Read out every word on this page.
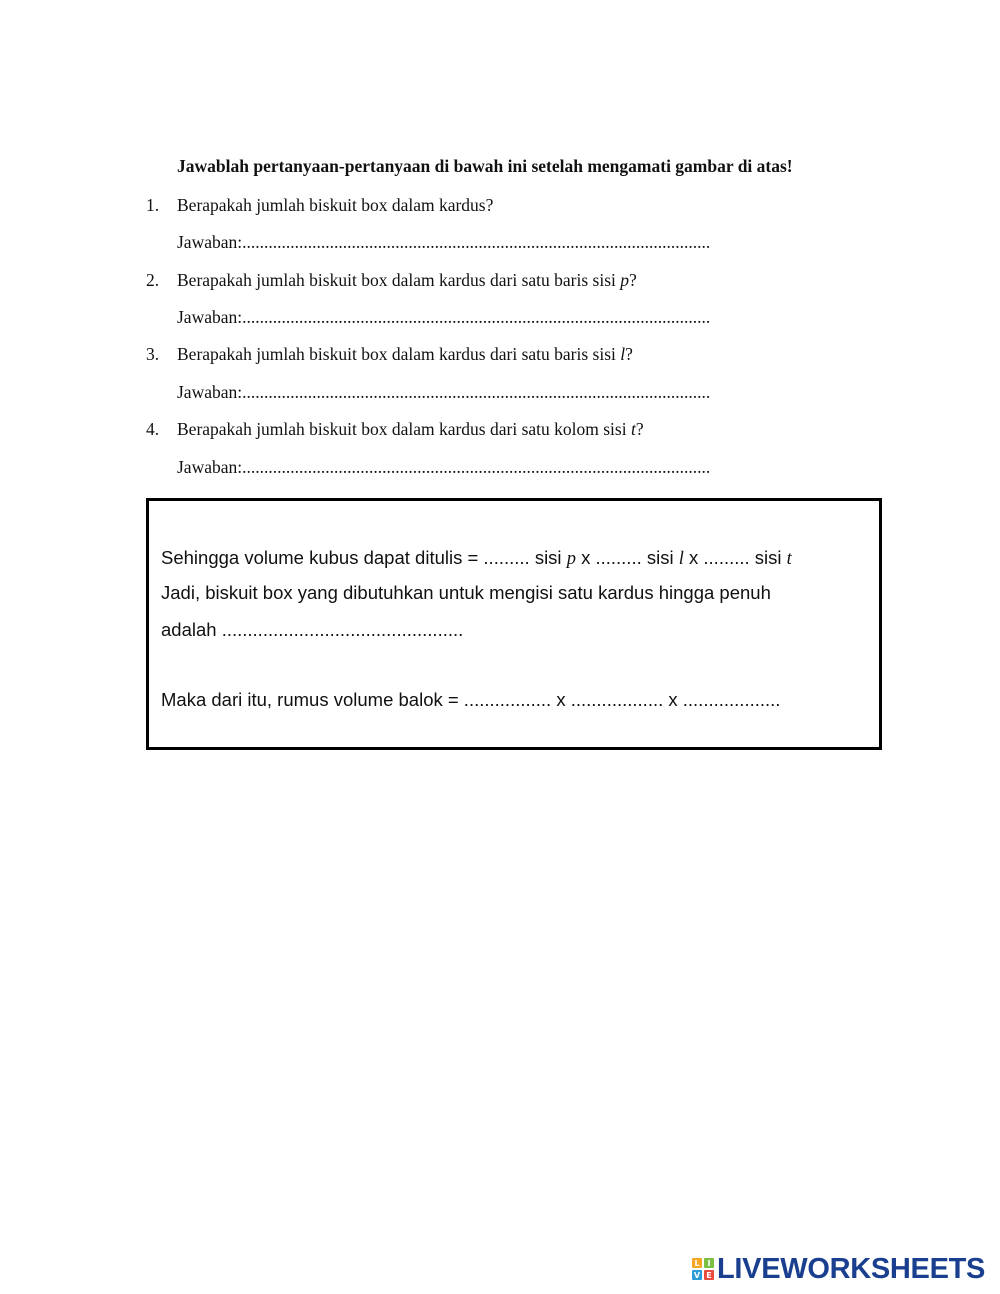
Jawablah pertanyaan-pertanyaan di bawah ini setelah mengamati gambar di atas!
1. Berapakah jumlah biskuit box dalam kardus?
Jawaban:...........................................................................................................
2. Berapakah jumlah biskuit box dalam kardus dari satu baris sisi p?
Jawaban:...........................................................................................................
3. Berapakah jumlah biskuit box dalam kardus dari satu baris sisi l?
Jawaban:...........................................................................................................
4. Berapakah jumlah biskuit box dalam kardus dari satu kolom sisi t?
Jawaban:...........................................................................................................
Sehingga volume kubus dapat ditulis = ......... sisi p x ......... sisi l x ......... sisi t
Jadi, biskuit box yang dibutuhkan untuk mengisi satu kardus hingga penuh
adalah ...............................................
Maka dari itu, rumus volume balok = ................. x .................. x ...................
L I
V E LIVEWORKSHEETS
